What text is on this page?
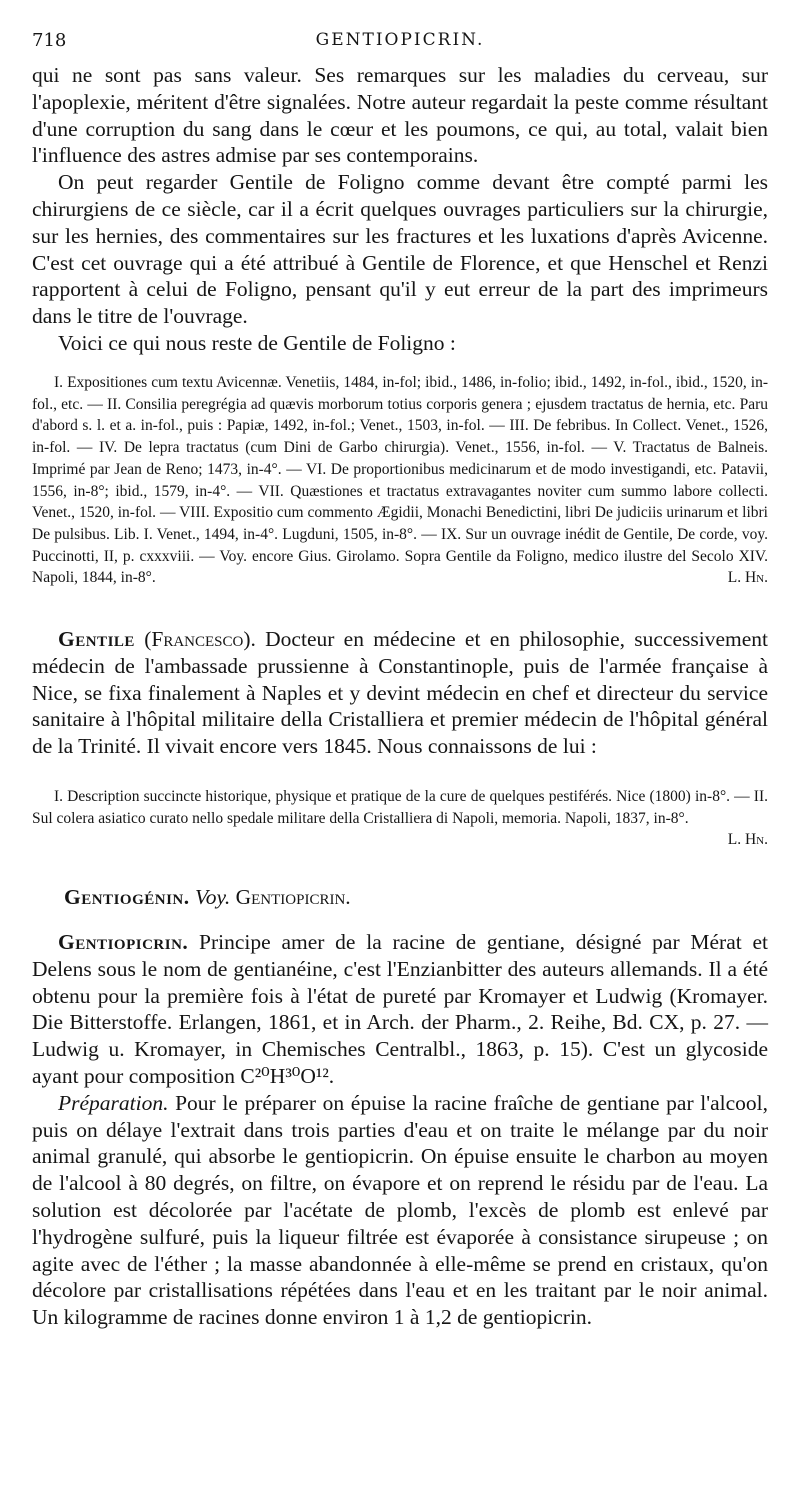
718	GENTIOPICRIN.

qui ne sont pas sans valeur. Ses remarques sur les maladies du cerveau, sur l'apoplexie, méritent d'être signalées. Notre auteur regardait la peste comme résultant d'une corruption du sang dans le cœur et les poumons, ce qui, au total, valait bien l'influence des astres admise par ses contemporains.

On peut regarder Gentile de Foligno comme devant être compté parmi les chirurgiens de ce siècle, car il a écrit quelques ouvrages particuliers sur la chirurgie, sur les hernies, des commentaires sur les fractures et les luxations d'après Avicenne. C'est cet ouvrage qui a été attribué à Gentile de Florence, et que Henschel et Renzi rapportent à celui de Foligno, pensant qu'il y eut erreur de la part des imprimeurs dans le titre de l'ouvrage.

Voici ce qui nous reste de Gentile de Foligno :

I. Expositiones cum textu Avicennæ. Venetiis, 1484, in-fol; ibid., 1486, in-folio; ibid., 1492, in-fol., ibid., 1520, in-fol., etc. — II. Consilia peregrégia ad quævis morborum totius corporis genera ; ejusdem tractatus de hernia, etc. Paru d'abord s. l. et a. in-fol., puis : Papiæ, 1492, in-fol.; Venet., 1503, in-fol. — III. De febribus. In Collect. Venet., 1526, in-fol. — IV. De lepra tractatus (cum Dini de Garbo chirurgia). Venet., 1556, in-fol. — V. Tractatus de Balneis. Imprimé par Jean de Reno; 1473, in-4°. — VI. De proportionibus medicinarum et de modo investigandi, etc. Patavii, 1556, in-8°; ibid., 1579, in-4°. — VII. Quæstiones et tractatus extravagantes noviter cum summo labore collecti. Venet., 1520, in-fol. — VIII. Expositio cum commento Ægidii, Monachi Benedictini, libri De judiciis urinarum et libri De pulsibus. Lib. I. Venet., 1494, in-4°. Lugduni, 1505, in-8°. — IX. Sur un ouvrage inédit de Gentile, De corde, voy. Puccinotti, II, p. cxxxviii. — Voy. encore Gius. Girolamo. Sopra Gentile da Foligno, medico ilustre del Secolo XIV. Napoli, 1844, in-8°.	L. Hn.

Gentile (Francesco). Docteur en médecine et en philosophie, successivement médecin de l'ambassade prussienne à Constantinople, puis de l'armée française à Nice, se fixa finalement à Naples et y devint médecin en chef et directeur du service sanitaire à l'hôpital militaire della Cristalliera et premier médecin de l'hôpital général de la Trinité. Il vivait encore vers 1845. Nous connaissons de lui :

I. Description succincte historique, physique et pratique de la cure de quelques pestiférés. Nice (1800) in-8°. — II. Sul colera asiatico curato nello spedale militare della Cristalliera di Napoli, memoria. Napoli, 1837, in-8°.
L. Hn.

Gentiogénin. Voy. Gentiopicrin.

Gentiopicrin. Principe amer de la racine de gentiane, désigné par Mérat et Delens sous le nom de gentianéine, c'est l'Enzianbitter des auteurs allemands. Il a été obtenu pour la première fois à l'état de pureté par Kromayer et Ludwig (Kromayer. Die Bitterstoffe. Erlangen, 1861, et in Arch. der Pharm., 2. Reihe, Bd. CX, p. 27. — Ludwig u. Kromayer, in Chemisches Centralbl., 1863, p. 15). C'est un glycoside ayant pour composition C²⁰H³⁰O¹².

Préparation. Pour le préparer on épuise la racine fraîche de gentiane par l'alcool, puis on délaye l'extrait dans trois parties d'eau et on traite le mélange par du noir animal granulé, qui absorbe le gentiopicrin. On épuise ensuite le charbon au moyen de l'alcool à 80 degrés, on filtre, on évapore et on reprend le résidu par de l'eau. La solution est décolorée par l'acétate de plomb, l'excès de plomb est enlevé par l'hydrogène sulfuré, puis la liqueur filtrée est évaporée à consistance sirupeuse ; on agite avec de l'éther ; la masse abandonnée à elle-même se prend en cristaux, qu'on décolore par cristallisations répétées dans l'eau et en les traitant par le noir animal. Un kilogramme de racines donne environ 1 à 1,2 de gentiopicrin.
